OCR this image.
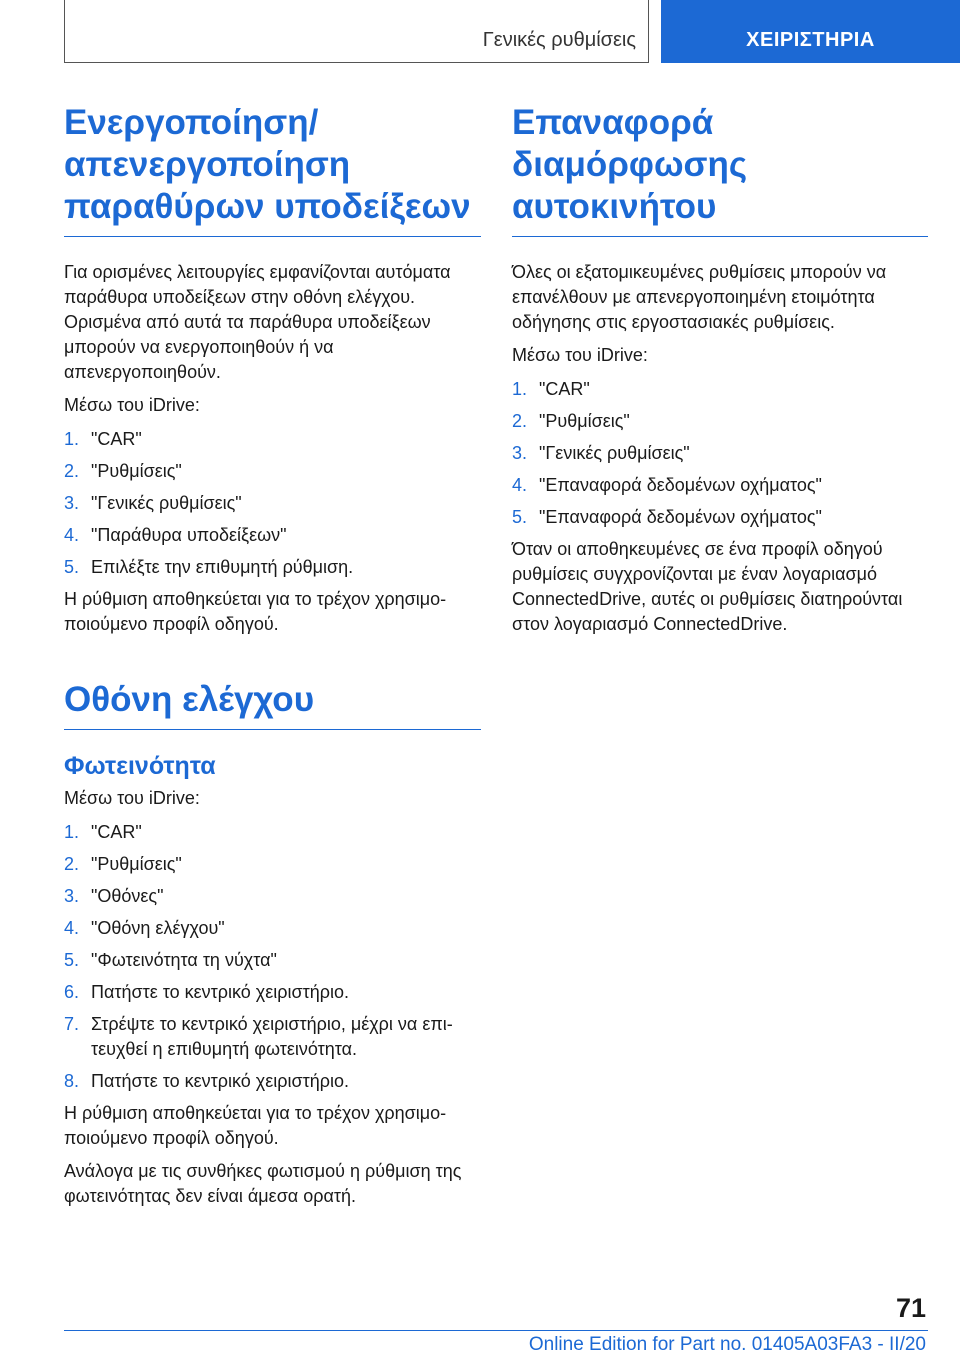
Γενικές ρυθμίσεις	ΧΕΙΡΙΣΤΗΡΙΑ
Ενεργοποίηση/απενεργοποίηση παραθύρων υποδείξεων

Για ορισμένες λειτουργίες εμφανίζονται αυτόματα παράθυρα υποδείξεων στην οθόνη ελέγχου. Ορισμένα από αυτά τα παράθυρα υποδείξεων μπορούν να ενεργοποιηθούν ή να απενεργοποιηθούν.

Μέσω του iDrive:

1. "CAR"
2. "Ρυθμίσεις"
3. "Γενικές ρυθμίσεις"
4. "Παράθυρα υποδείξεων"
5. Επιλέξτε την επιθυμητή ρύθμιση.

Η ρύθμιση αποθηκεύεται για το τρέχον χρησιμοποιούμενο προφίλ οδηγού.

Οθόνη ελέγχου
Φωτεινότητα

Μέσω του iDrive:

1. "CAR"
2. "Ρυθμίσεις"
3. "Οθόνες"
4. "Οθόνη ελέγχου"
5. "Φωτεινότητα τη νύχτα"
6. Πατήστε το κεντρικό χειριστήριο.
7. Στρέψτε το κεντρικό χειριστήριο, μέχρι να επιτευχθεί η επιθυμητή φωτεινότητα.
8. Πατήστε το κεντρικό χειριστήριο.

Η ρύθμιση αποθηκεύεται για το τρέχον χρησιμοποιούμενο προφίλ οδηγού.

Ανάλογα με τις συνθήκες φωτισμού η ρύθμιση της φωτεινότητας δεν είναι άμεσα ορατή.

Επαναφορά διαμόρφωσης αυτοκινήτου

Όλες οι εξατομικευμένες ρυθμίσεις μπορούν να επανέλθουν με απενεργοποιημένη ετοιμότητα οδήγησης στις εργοστασιακές ρυθμίσεις.

Μέσω του iDrive:

1. "CAR"
2. "Ρυθμίσεις"
3. "Γενικές ρυθμίσεις"
4. "Επαναφορά δεδομένων οχήματος"
5. "Επαναφορά δεδομένων οχήματος"

Όταν οι αποθηκευμένες σε ένα προφίλ οδηγού ρυθμίσεις συγχρονίζονται με έναν λογαριασμό ConnectedDrive, αυτές οι ρυθμίσεις διατηρούνται στον λογαριασμό ConnectedDrive.

71
Online Edition for Part no. 01405A03FA3 - II/20
